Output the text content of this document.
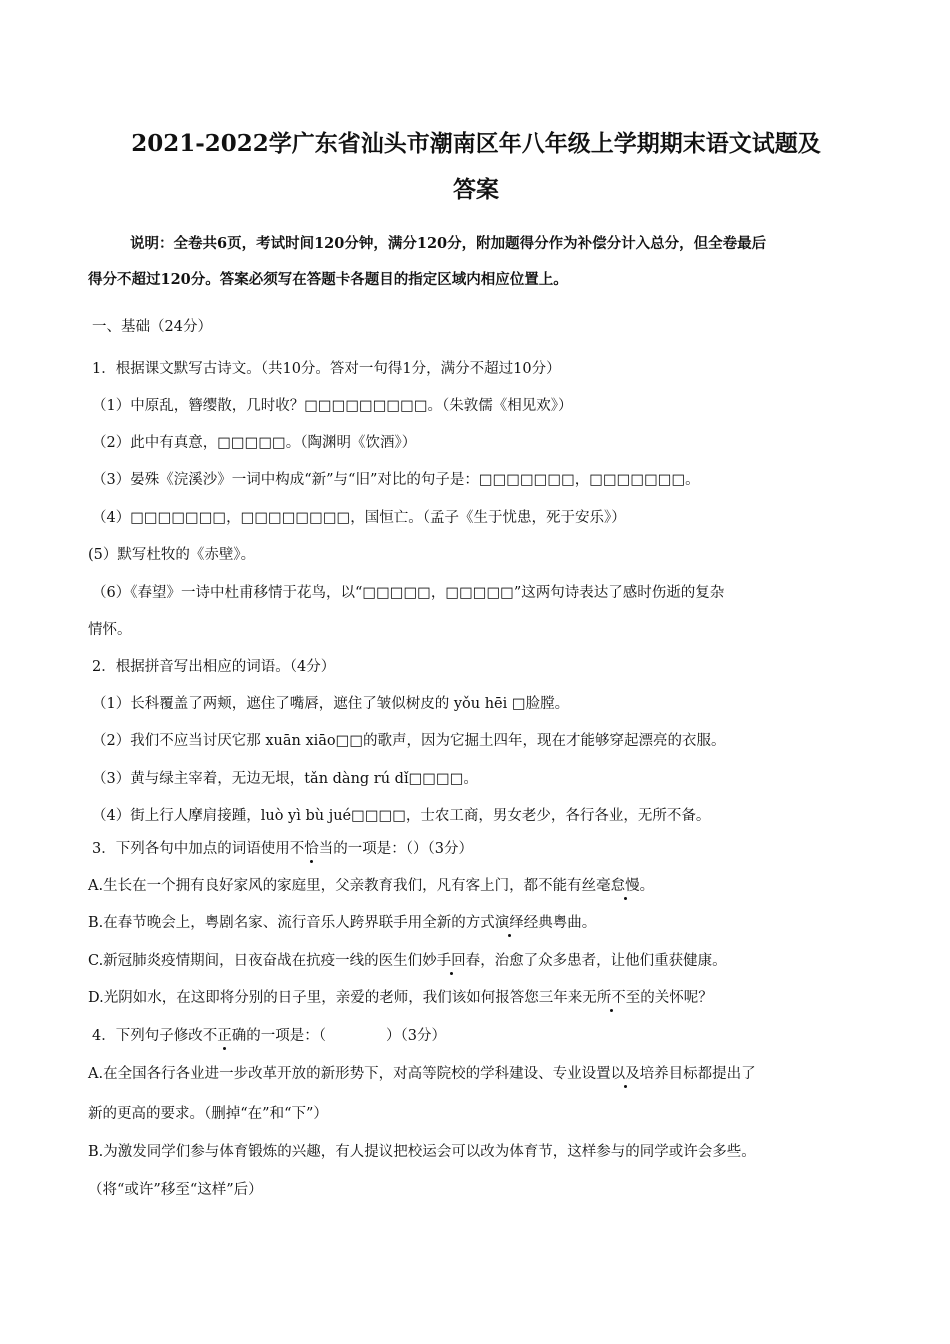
2021-2022学广东省汕头市潮南区年八年级上学期期末语文试题及
答案
说明：全卷共6页，考试时间120分钟，满分120分，附加题得分作为补偿分计入总分，但全卷最后
得分不超过120分。答案必须写在答题卡各题目的指定区域内相应位置上。
一、基础（24分）
1．根据课文默写古诗文。（共10分。答对一句得1分，满分不超过10分）
（1）中原乱，簪缨散，几时收？□□□□□□□□□。（朱敦儒《相见欢》）
（2）此中有真意，□□□□□。（陶渊明《饮酒》）
（3）晏殊《浣溪沙》一词中构成“新”与“旧”对比的句子是：□□□□□□□，□□□□□□□。
（4）□□□□□□□，□□□□□□□□，国恒亡。（孟子《生于忧患，死于安乐》）
(5）默写杜牧的《赤壁》。
（6）《春望》一诗中杜甫移情于花鸟，以“□□□□□，□□□□□”这两句诗表达了感时伤逝的复杂
情怀。
2．根据拼音写出相应的词语。（4分）
（1）长科覆盖了两颊，遮住了嘴唇，遮住了皱似树皮的 yǒu hēi □脸膛。
（2）我们不应当讨厌它那 xuān xiāo□□的歌声，因为它掘土四年，现在才能够穿起漂亮的衣服。
（3）黄与绿主宰着，无边无垠，tǎn dàng rú dǐ□□□□。
（4）街上行人摩肩接踵，luò yì bù jué□□□□，士农工商，男女老少，各行各业，无所不备。
3．下列各句中加点的词语使用不恰当的一项是：（）（3分）
A.生长在一个拥有良好家风的家庭里，父亲教育我们，凡有客上门，都不能有丝毫怠慢。
B.在春节晚会上，粤剧名家、流行音乐人跨界联手用全新的方式演绎经典粤曲。
C.新冠肺炎疫情期间，日夜奋战在抗疫一线的医生们妙手回春，治愈了众多患者，让他们重获健康。
D.光阴如水，在这即将分别的日子里，亲爱的老师，我们该如何报答您三年来无所不至的关怀呢？
4．下列句子修改不正确的一项是：（	）（3分）
A.在全国各行各业进一步改革开放的新形势下，对高等院校的学科建设、专业设置以及培养目标都提出了
新的更高的要求。（删掉“在”和“下”）
B.为激发同学们参与体育锻炼的兴趣，有人提议把校运会可以改为体育节，这样参与的同学或许会多些。
（将“或许”移至“这样”后）
